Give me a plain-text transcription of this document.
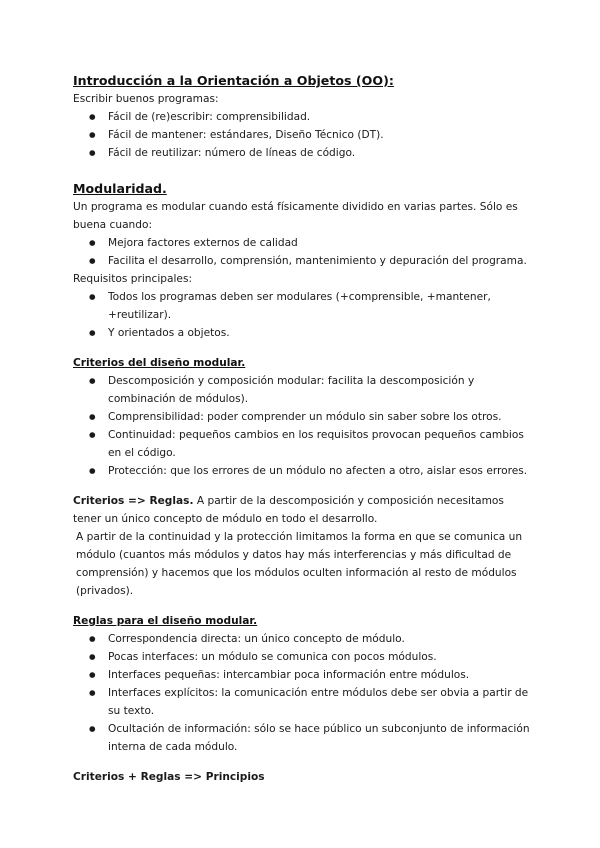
Introducción a la Orientación a Objetos (OO):

Escribir buenos programas:

● Fácil de (re)escribir: comprensibilidad.
● Fácil de mantener: estándares, Diseño Técnico (DT).
● Fácil de reutilizar: número de líneas de código.
Modularidad.

Un programa es modular cuando está físicamente dividido en varias partes. Sólo es buena cuando:

● Mejora factores externos de calidad
● Facilita el desarrollo, comprensión, mantenimiento y depuración del programa.

Requisitos principales:

● Todos los programas deben ser modulares (+comprensible, +mantener, +reutilizar).
● Y orientados a objetos.
Criterios del diseño modular.
● Descomposición y composición modular: facilita la descomposición y combinación de módulos).
● Comprensibilidad: poder comprender un módulo sin saber sobre los otros.
● Continuidad: pequeños cambios en los requisitos provocan pequeños cambios en el código.
● Protección: que los errores de un módulo no afecten a otro, aislar esos errores.

Criterios => Reglas. A partir de la descomposición y composición necesitamos tener un único concepto de módulo en todo el desarrollo.

A partir de la continuidad y la protección limitamos la forma en que se comunica un módulo (cuantos más módulos y datos hay más interferencias y más dificultad de comprensión) y hacemos que los módulos oculten información al resto de módulos (privados).

Reglas para el diseño modular.
● Correspondencia directa: un único concepto de módulo.
● Pocas interfaces: un módulo se comunica con pocos módulos.
● Interfaces pequeñas: intercambiar poca información entre módulos.
● Interfaces explícitos: la comunicación entre módulos debe ser obvia a partir de su texto.
● Ocultación de información: sólo se hace público un subconjunto de información interna de cada módulo.
Criterios + Reglas => Principios
